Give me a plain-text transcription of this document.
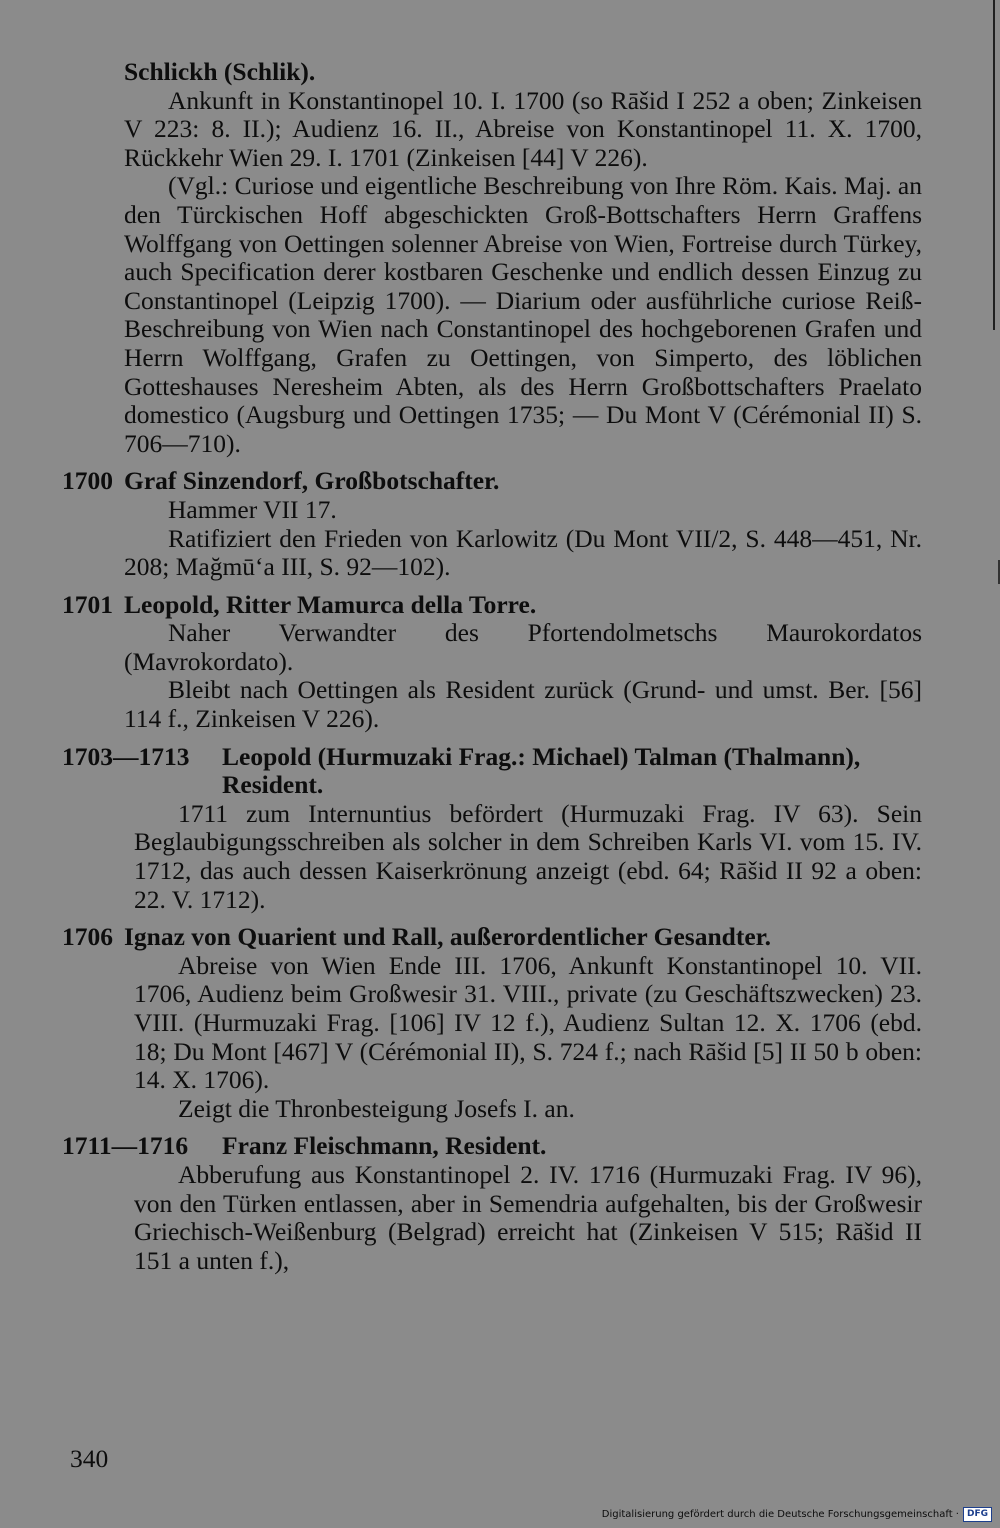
Schlickh (Schlik).
Ankunft in Konstantinopel 10. I. 1700 (so Rāšid I 252 a oben; Zinkeisen V 223: 8. II.); Audienz 16. II., Abreise von Konstantinopel 11. X. 1700, Rückkehr Wien 29. I. 1701 (Zinkeisen [44] V 226).
(Vgl.: Curiose und eigentliche Beschreibung von Ihre Röm. Kais. Maj. an den Türckischen Hoff abgeschickten Groß-Bottschafters Herrn Graffens Wolffgang von Oettingen solenner Abreise von Wien, Fortreise durch Türkey, auch Specification derer kostbaren Geschenke und endlich dessen Einzug zu Constantinopel (Leipzig 1700). — Diarium oder ausführliche curiose Reiß-Beschreibung von Wien nach Constantinopel des hochgeborenen Grafen und Herrn Wolffgang, Grafen zu Oettingen, von Simperto, des löblichen Gotteshauses Neresheim Abten, als des Herrn Großbottschafters Praelato domestico (Augsburg und Oettingen 1735; — Du Mont V (Cérémonial II) S. 706—710).
1700 Graf Sinzendorf, Großbotschafter.
Hammer VII 17.
Ratifiziert den Frieden von Karlowitz (Du Mont VII/2, S. 448—451, Nr. 208; Mağmū‘a III, S. 92—102).
1701 Leopold, Ritter Mamurca della Torre.
Naher Verwandter des Pfortendolmetschs Maurokordatos (Mavrokordato).
Bleibt nach Oettingen als Resident zurück (Grund- und umst. Ber. [56] 114 f., Zinkeisen V 226).
1703—1713	Leopold (Hurmuzaki Frag.: Michael) Talman (Thalmann), Resident.
1711 zum Internuntius befördert (Hurmuzaki Frag. IV 63). Sein Beglaubigungsschreiben als solcher in dem Schreiben Karls VI. vom 15. IV. 1712, das auch dessen Kaiserkrönung anzeigt (ebd. 64; Rāšid II 92 a oben: 22. V. 1712).
1706 Ignaz von Quarient und Rall, außerordentlicher Gesandter.
Abreise von Wien Ende III. 1706, Ankunft Konstantinopel 10. VII. 1706, Audienz beim Großwesir 31. VIII., private (zu Geschäftszwecken) 23. VIII. (Hurmuzaki Frag. [106] IV 12 f.), Audienz Sultan 12. X. 1706 (ebd. 18; Du Mont [467] V (Cérémonial II), S. 724 f.; nach Rāšid [5] II 50 b oben: 14. X. 1706).
Zeigt die Thronbesteigung Josefs I. an.
1711—1716	Franz Fleischmann, Resident.
Abberufung aus Konstantinopel 2. IV. 1716 (Hurmuzaki Frag. IV 96), von den Türken entlassen, aber in Semendria aufgehalten, bis der Großwesir Griechisch-Weißenburg (Belgrad) erreicht hat (Zinkeisen V 515; Rāšid II 151 a unten f.),
340
Digitalisierung gefördert durch die Deutsche Forschungsgemeinschaft · DFG
